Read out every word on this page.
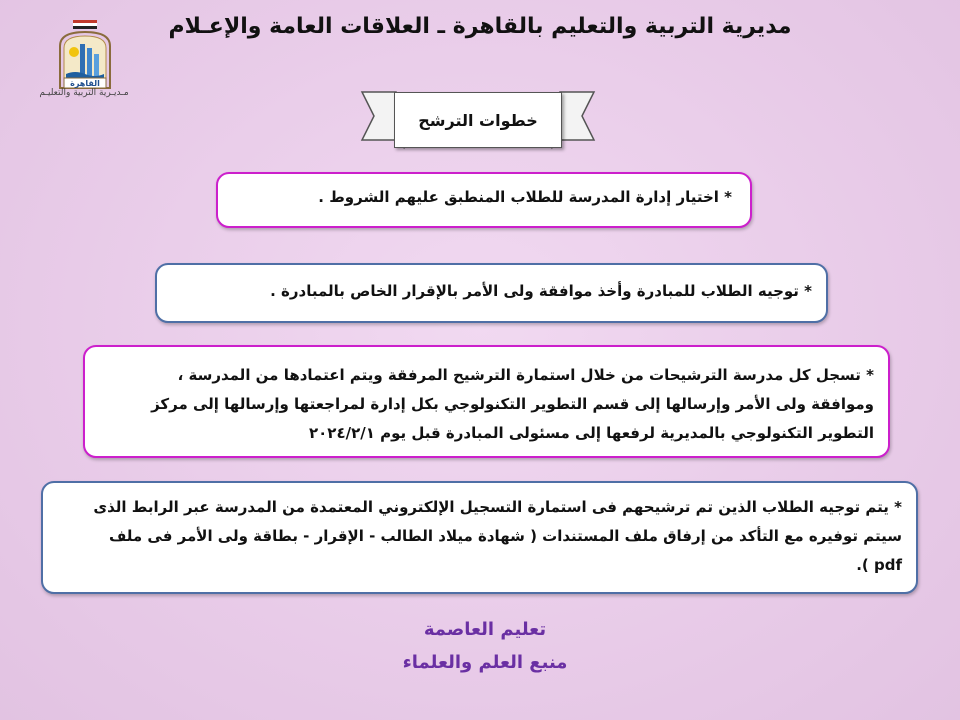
مديرية التربية والتعليم بالقاهرة ـ العلاقات العامة والإعـلام
القاهرة
مـديـرية التربية والتعليـم
خطوات الترشح
* اختيار إدارة المدرسة للطلاب المنطبق عليهم الشروط .
* توجيه الطلاب للمبادرة وأخذ موافقة ولى الأمر بالإقرار الخاص بالمبادرة .
* تسجل كل مدرسة الترشيحات من خلال استمارة الترشيح المرفقة ويتم اعتمادها من المدرسة ،
وموافقة ولى الأمر وإرسالها إلى قسم التطوير التكنولوجي بكل إدارة لمراجعتها وإرسالها إلى مركز
التطوير التكنولوجي بالمديرية لرفعها إلى مسئولى المبادرة قبل يوم ٢٠٢٤/٢/١
* يتم توجيه الطلاب الذين تم ترشيحهم فى استمارة التسجيل الإلكتروني المعتمدة من المدرسة عبر الرابط الذى
سيتم توفيره مع التأكد من إرفاق ملف المستندات ( شهادة ميلاد الطالب - الإقرار - بطاقة ولى الأمر فى ملف
pdf ).
تعليم العاصمة
منبع العلم والعلماء
